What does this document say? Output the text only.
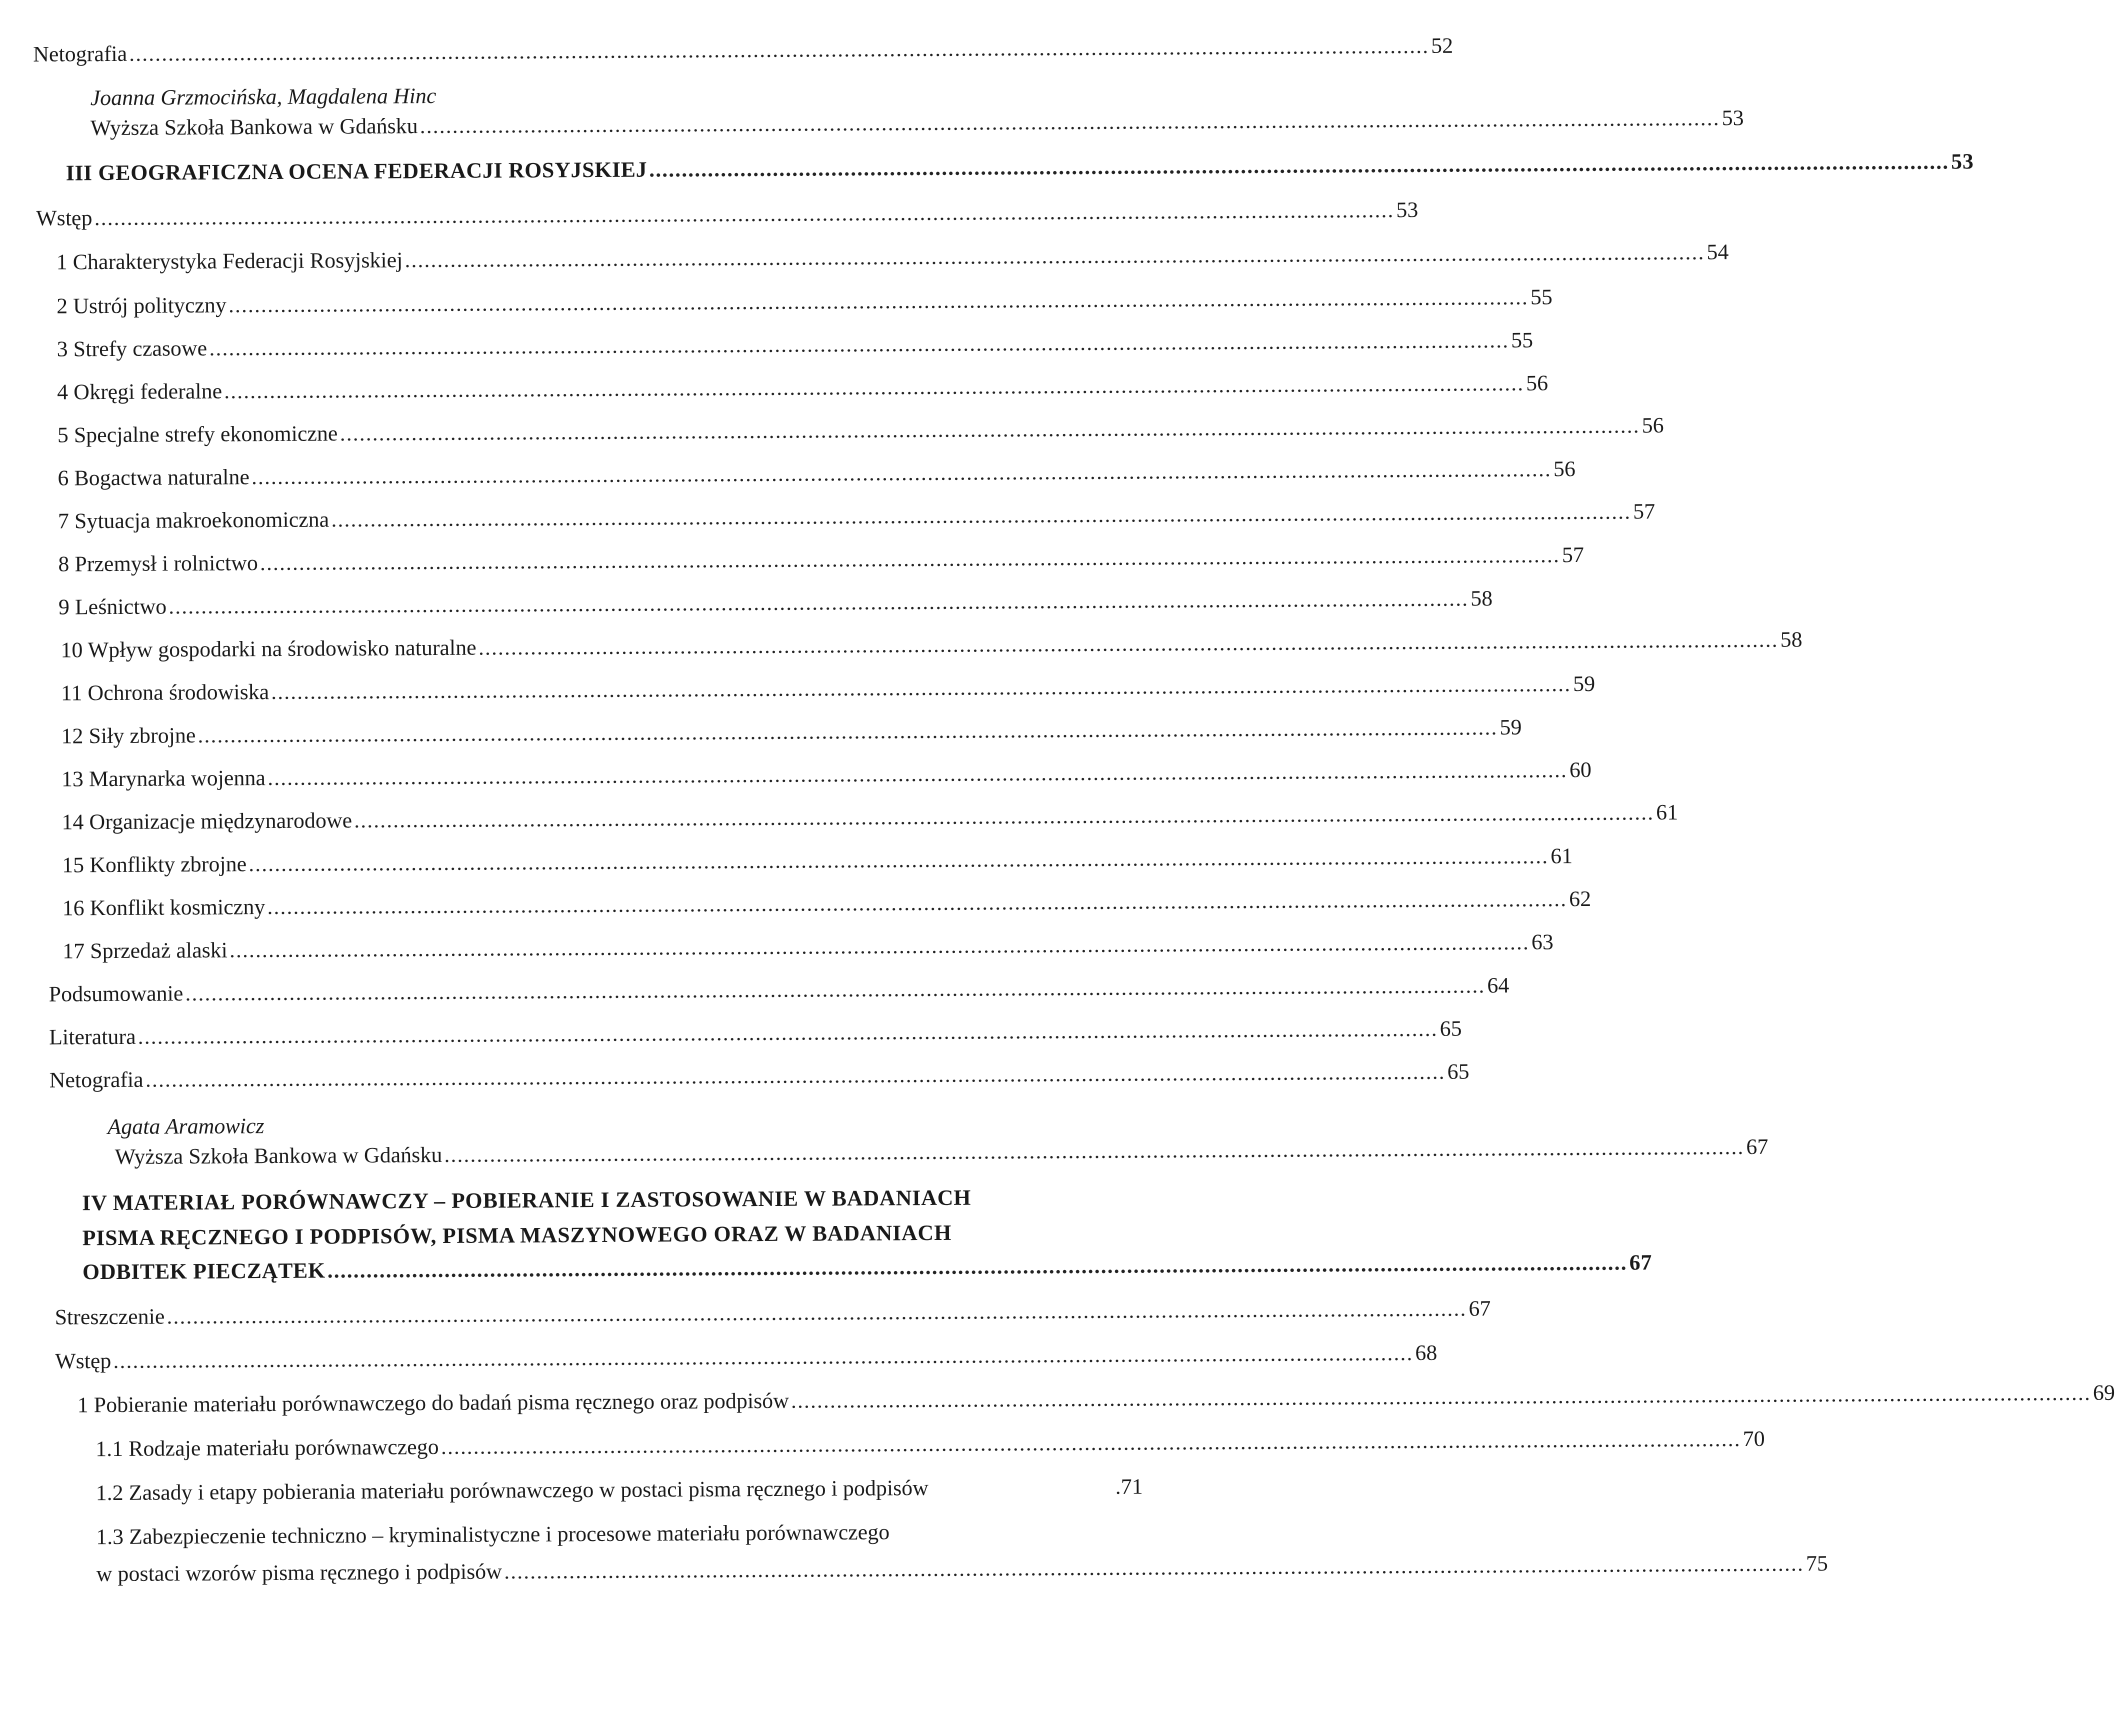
Netografia ........................................................................................................................................................................................................ 52
Joanna Grzmocińska, Magdalena Hinc
Wyższa Szkoła Bankowa w Gdańsku ........................................................................................................................................................................................................ 53
III GEOGRAFICZNA OCENA FEDERACJI ROSYJSKIEJ ........................................................................................................................................................................................................ 53
Wstęp ........................................................................................................................................................................................................ 53
1 Charakterystyka Federacji Rosyjskiej ........................................................................................................................................................................................................ 54
2 Ustrój polityczny ........................................................................................................................................................................................................ 55
3 Strefy czasowe ........................................................................................................................................................................................................ 55
4 Okręgi federalne ........................................................................................................................................................................................................ 56
5 Specjalne strefy ekonomiczne ........................................................................................................................................................................................................ 56
6 Bogactwa naturalne ........................................................................................................................................................................................................ 56
7 Sytuacja makroekonomiczna ........................................................................................................................................................................................................ 57
8 Przemysł i rolnictwo ........................................................................................................................................................................................................ 57
9 Leśnictwo ........................................................................................................................................................................................................ 58
10 Wpływ gospodarki na środowisko naturalne ........................................................................................................................................................................................................ 58
11 Ochrona środowiska ........................................................................................................................................................................................................ 59
12 Siły zbrojne ........................................................................................................................................................................................................ 59
13 Marynarka wojenna ........................................................................................................................................................................................................ 60
14 Organizacje międzynarodowe ........................................................................................................................................................................................................ 61
15 Konflikty zbrojne ........................................................................................................................................................................................................ 61
16 Konflikt kosmiczny ........................................................................................................................................................................................................ 62
17 Sprzedaż alaski ........................................................................................................................................................................................................ 63
Podsumowanie ........................................................................................................................................................................................................ 64
Literatura ........................................................................................................................................................................................................ 65
Netografia ........................................................................................................................................................................................................ 65
Agata Aramowicz
Wyższa Szkoła Bankowa w Gdańsku ........................................................................................................................................................................................................ 67
IV MATERIAŁ PORÓWNAWCZY – POBIERANIE I ZASTOSOWANIE W BADANIACH
PISMA RĘCZNEGO I PODPISÓW, PISMA MASZYNOWEGO ORAZ W BADANIACH
ODBITEK PIECZĄTEK ........................................................................................................................................................................................................ 67
Streszczenie ........................................................................................................................................................................................................ 67
Wstęp ........................................................................................................................................................................................................ 68
1 Pobieranie materiału porównawczego do badań pisma ręcznego oraz podpisów ........................................................................................................................................................................................................ 69
1.1 Rodzaje materiału porównawczego ........................................................................................................................................................................................................ 70
1.2 Zasady i etapy pobierania materiału porównawczego w postaci pisma ręcznego i podpisów	.71
1.3 Zabezpieczenie techniczno – kryminalistyczne i procesowe materiału porównawczego
w postaci wzorów pisma ręcznego i podpisów ........................................................................................................................................................................................................ 75
